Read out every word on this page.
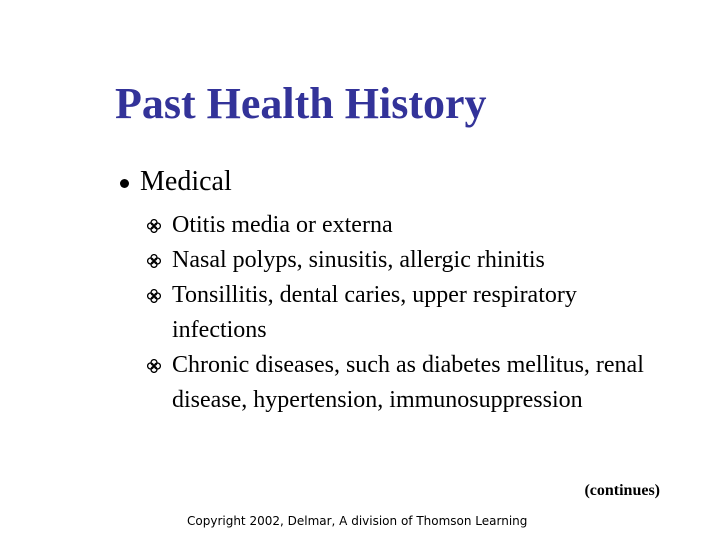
Past Health History
Medical
Otitis media or externa
Nasal polyps, sinusitis, allergic rhinitis
Tonsillitis, dental caries, upper respiratory infections
Chronic diseases, such as diabetes mellitus, renal disease, hypertension, immunosuppression
(continues)
Copyright 2002, Delmar, A division of Thomson Learning
